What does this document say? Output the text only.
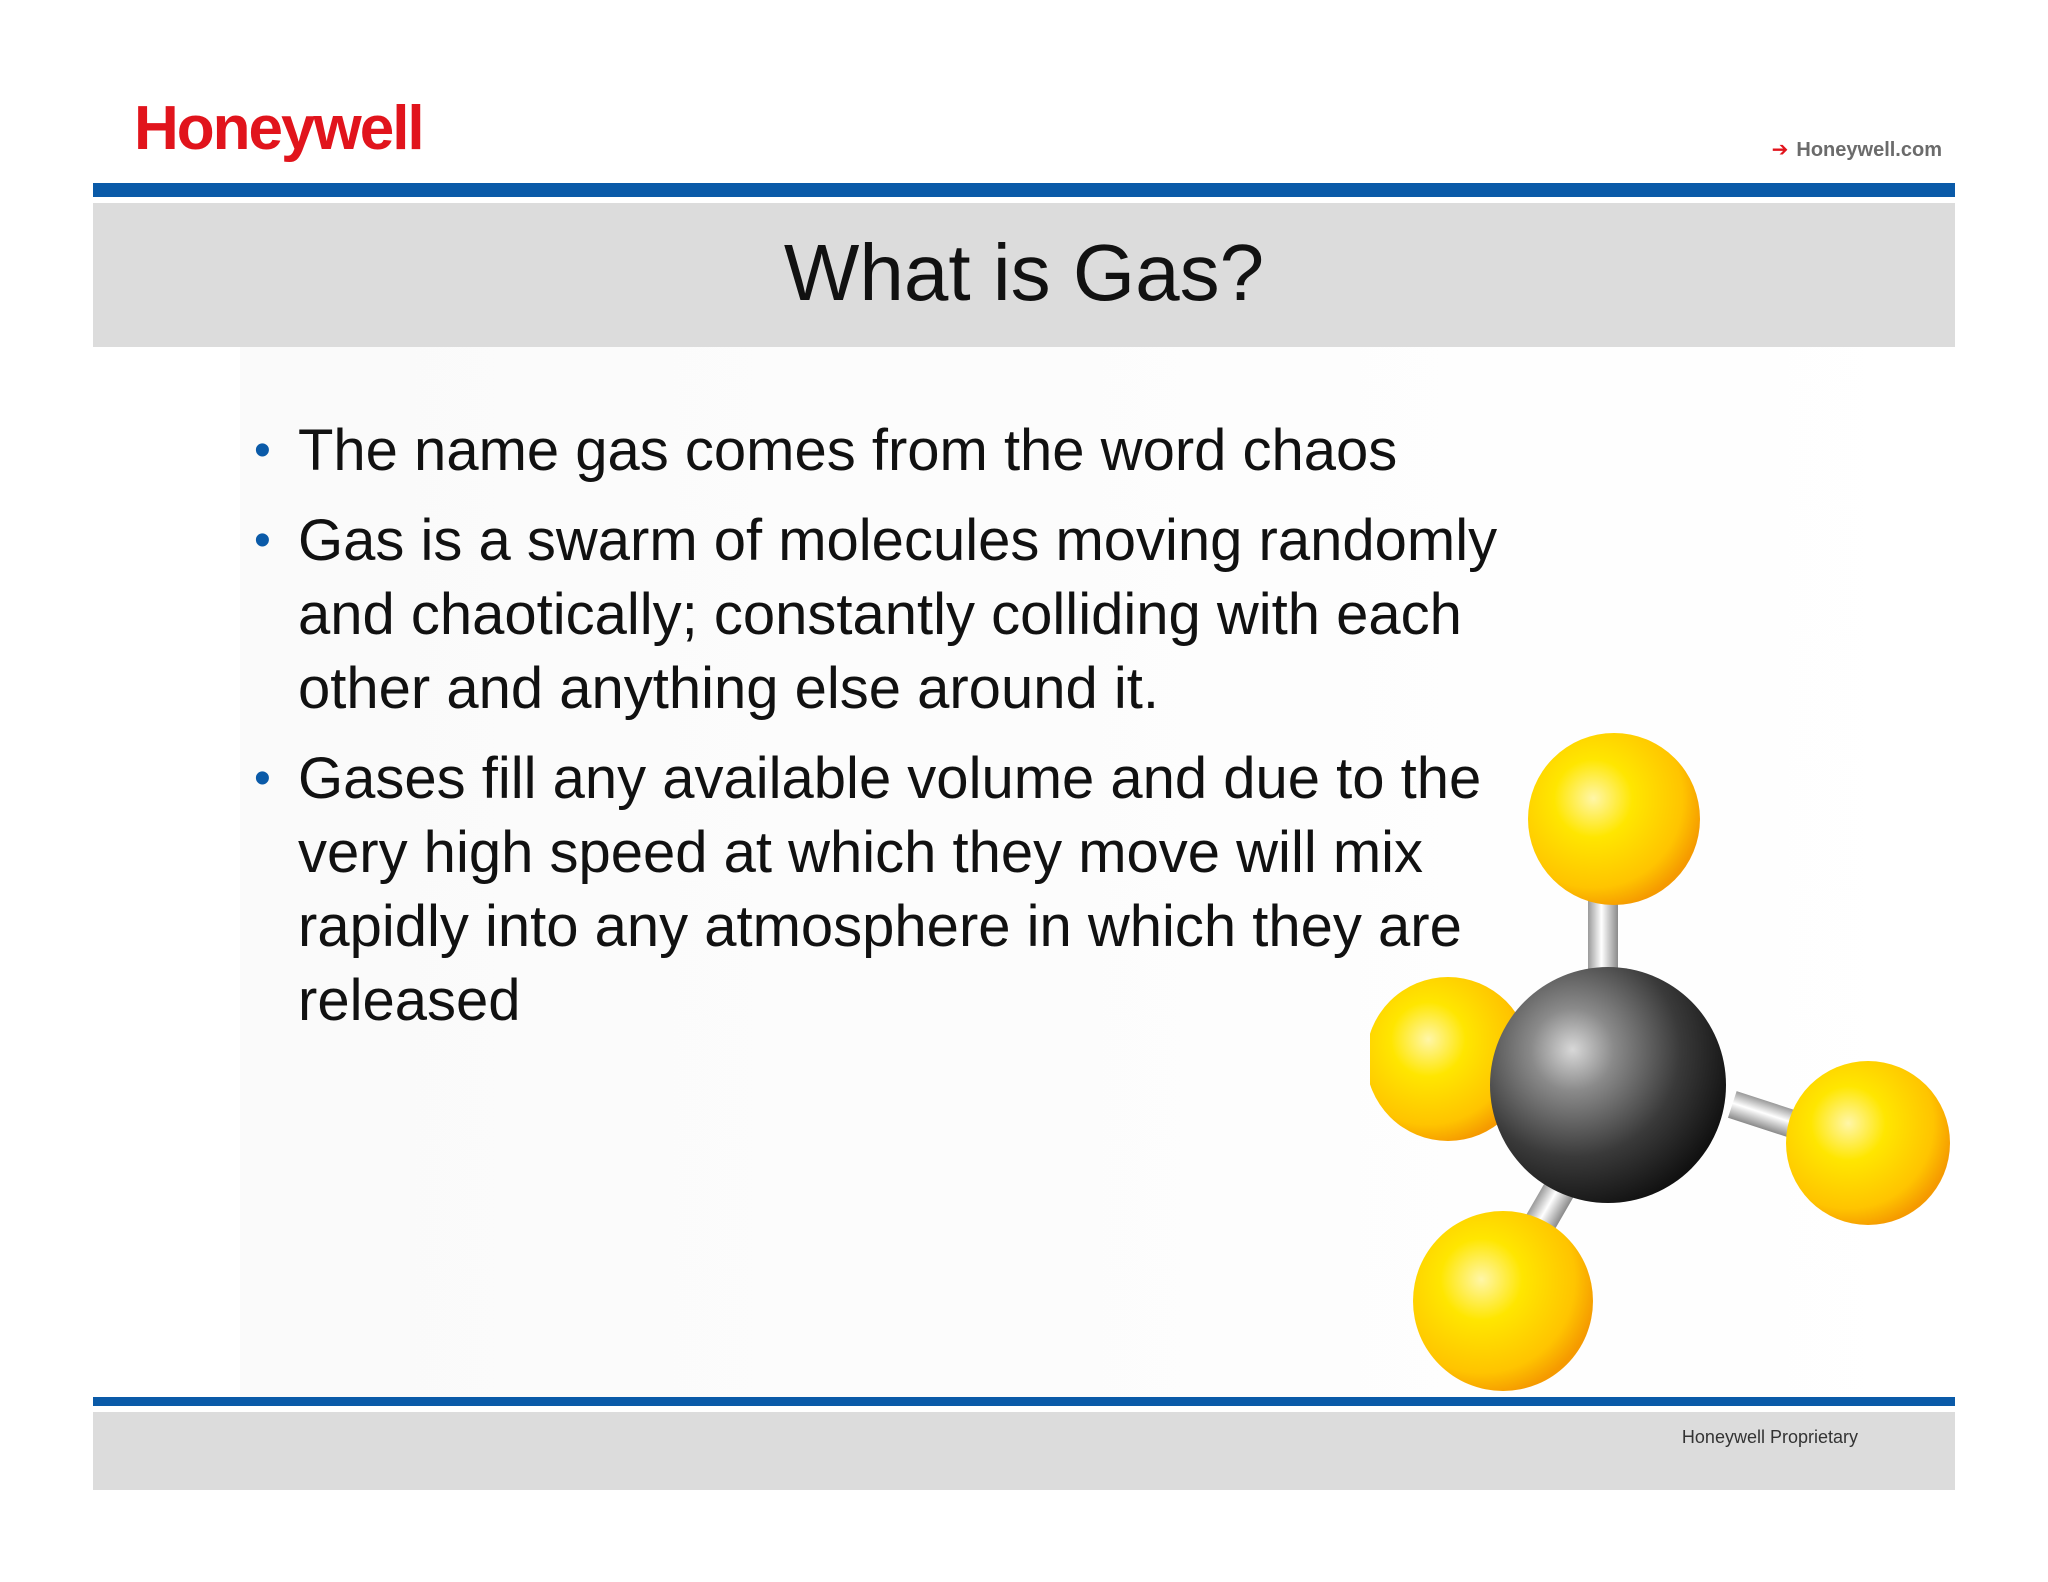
Honeywell	➔ Honeywell.com
What is Gas?
• The name gas comes from the word chaos
• Gas is a swarm of molecules moving randomly and chaotically; constantly colliding with each other and anything else around it.
• Gases fill any available volume and due to the very high speed at which they move will mix rapidly into any atmosphere in which they are released
Honeywell Proprietary
